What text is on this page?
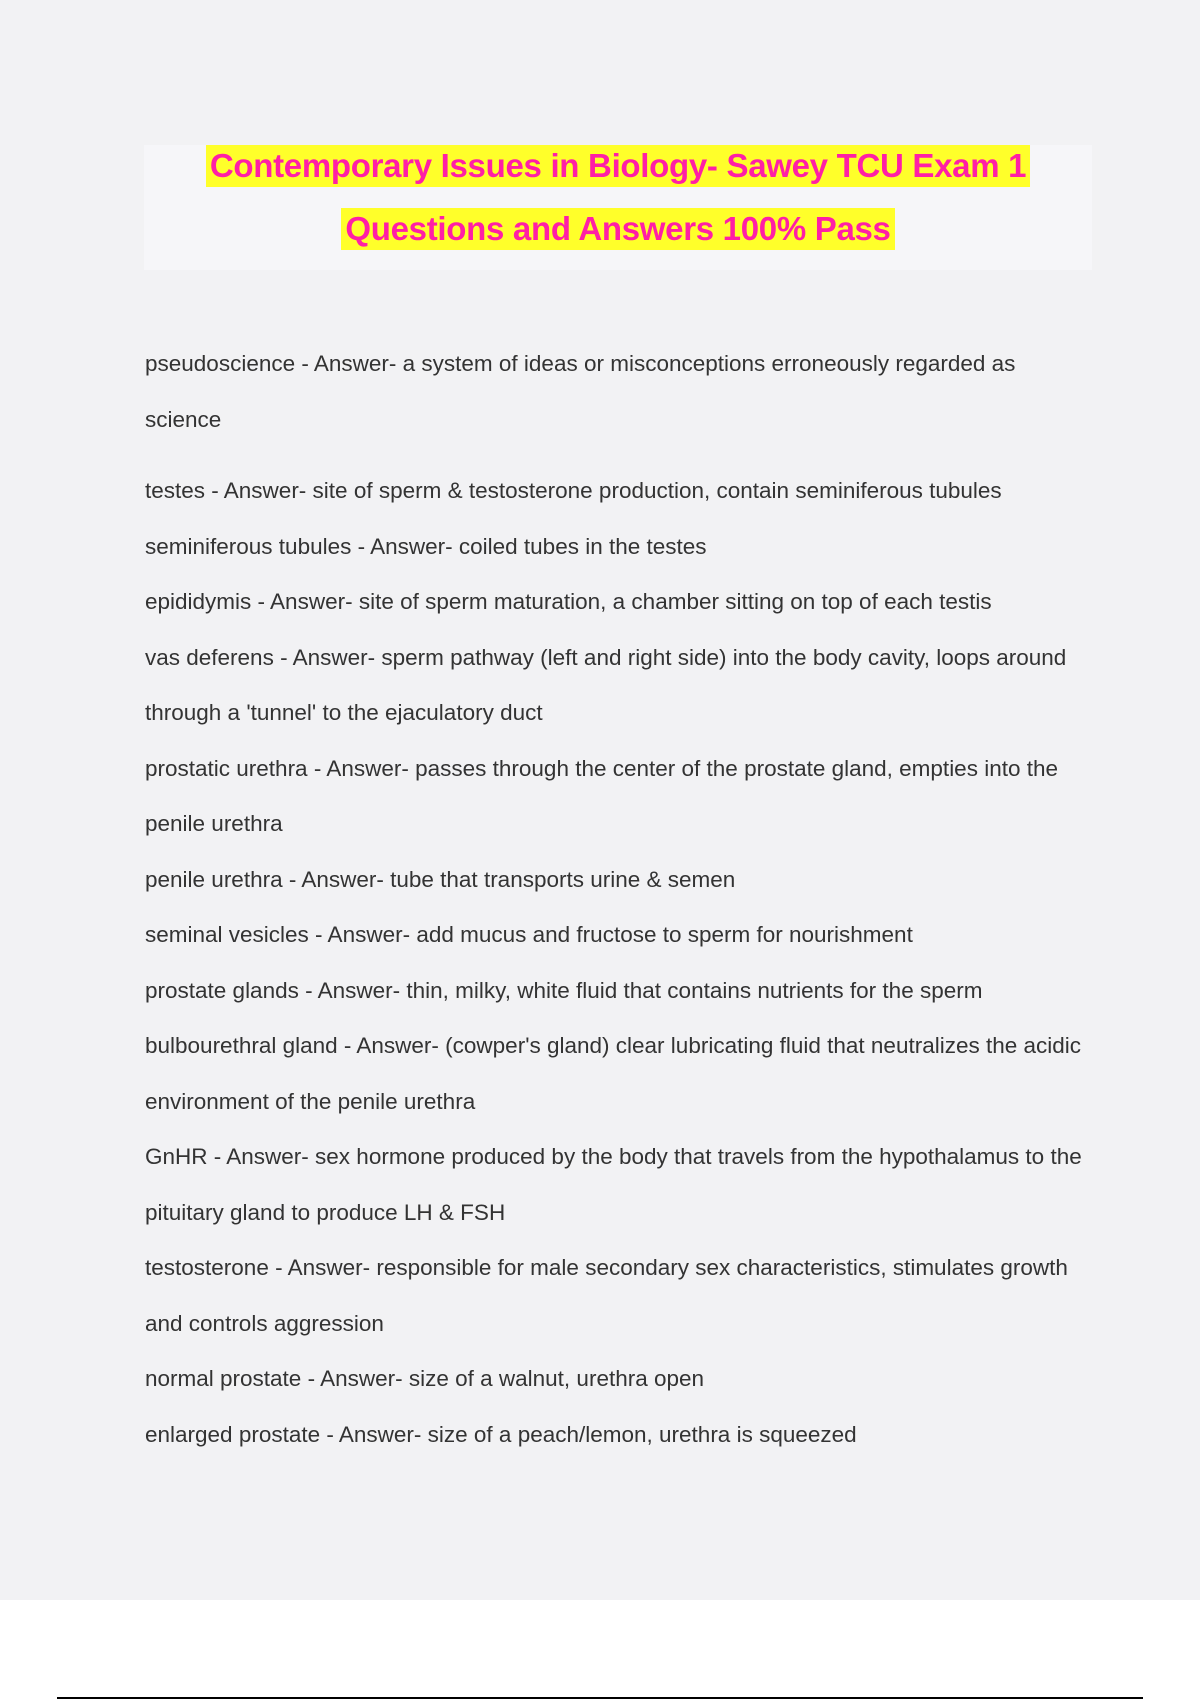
Contemporary Issues in Biology- Sawey TCU Exam 1
Questions and Answers 100% Pass
pseudoscience - Answer- a system of ideas or misconceptions erroneously regarded as science
testes - Answer- site of sperm & testosterone production, contain seminiferous tubules
seminiferous tubules - Answer- coiled tubes in the testes
epididymis - Answer- site of sperm maturation, a chamber sitting on top of each testis
vas deferens - Answer- sperm pathway (left and right side) into the body cavity, loops around through a 'tunnel' to the ejaculatory duct
prostatic urethra - Answer- passes through the center of the prostate gland, empties into the penile urethra
penile urethra - Answer- tube that transports urine & semen
seminal vesicles - Answer- add mucus and fructose to sperm for nourishment
prostate glands - Answer- thin, milky, white fluid that contains nutrients for the sperm
bulbourethral gland - Answer- (cowper's gland) clear lubricating fluid that neutralizes the acidic environment of the penile urethra
GnHR - Answer- sex hormone produced by the body that travels from the hypothalamus to the pituitary gland to produce LH & FSH
testosterone - Answer- responsible for male secondary sex characteristics, stimulates growth and controls aggression
normal prostate - Answer- size of a walnut, urethra open
enlarged prostate - Answer- size of a peach/lemon, urethra is squeezed
